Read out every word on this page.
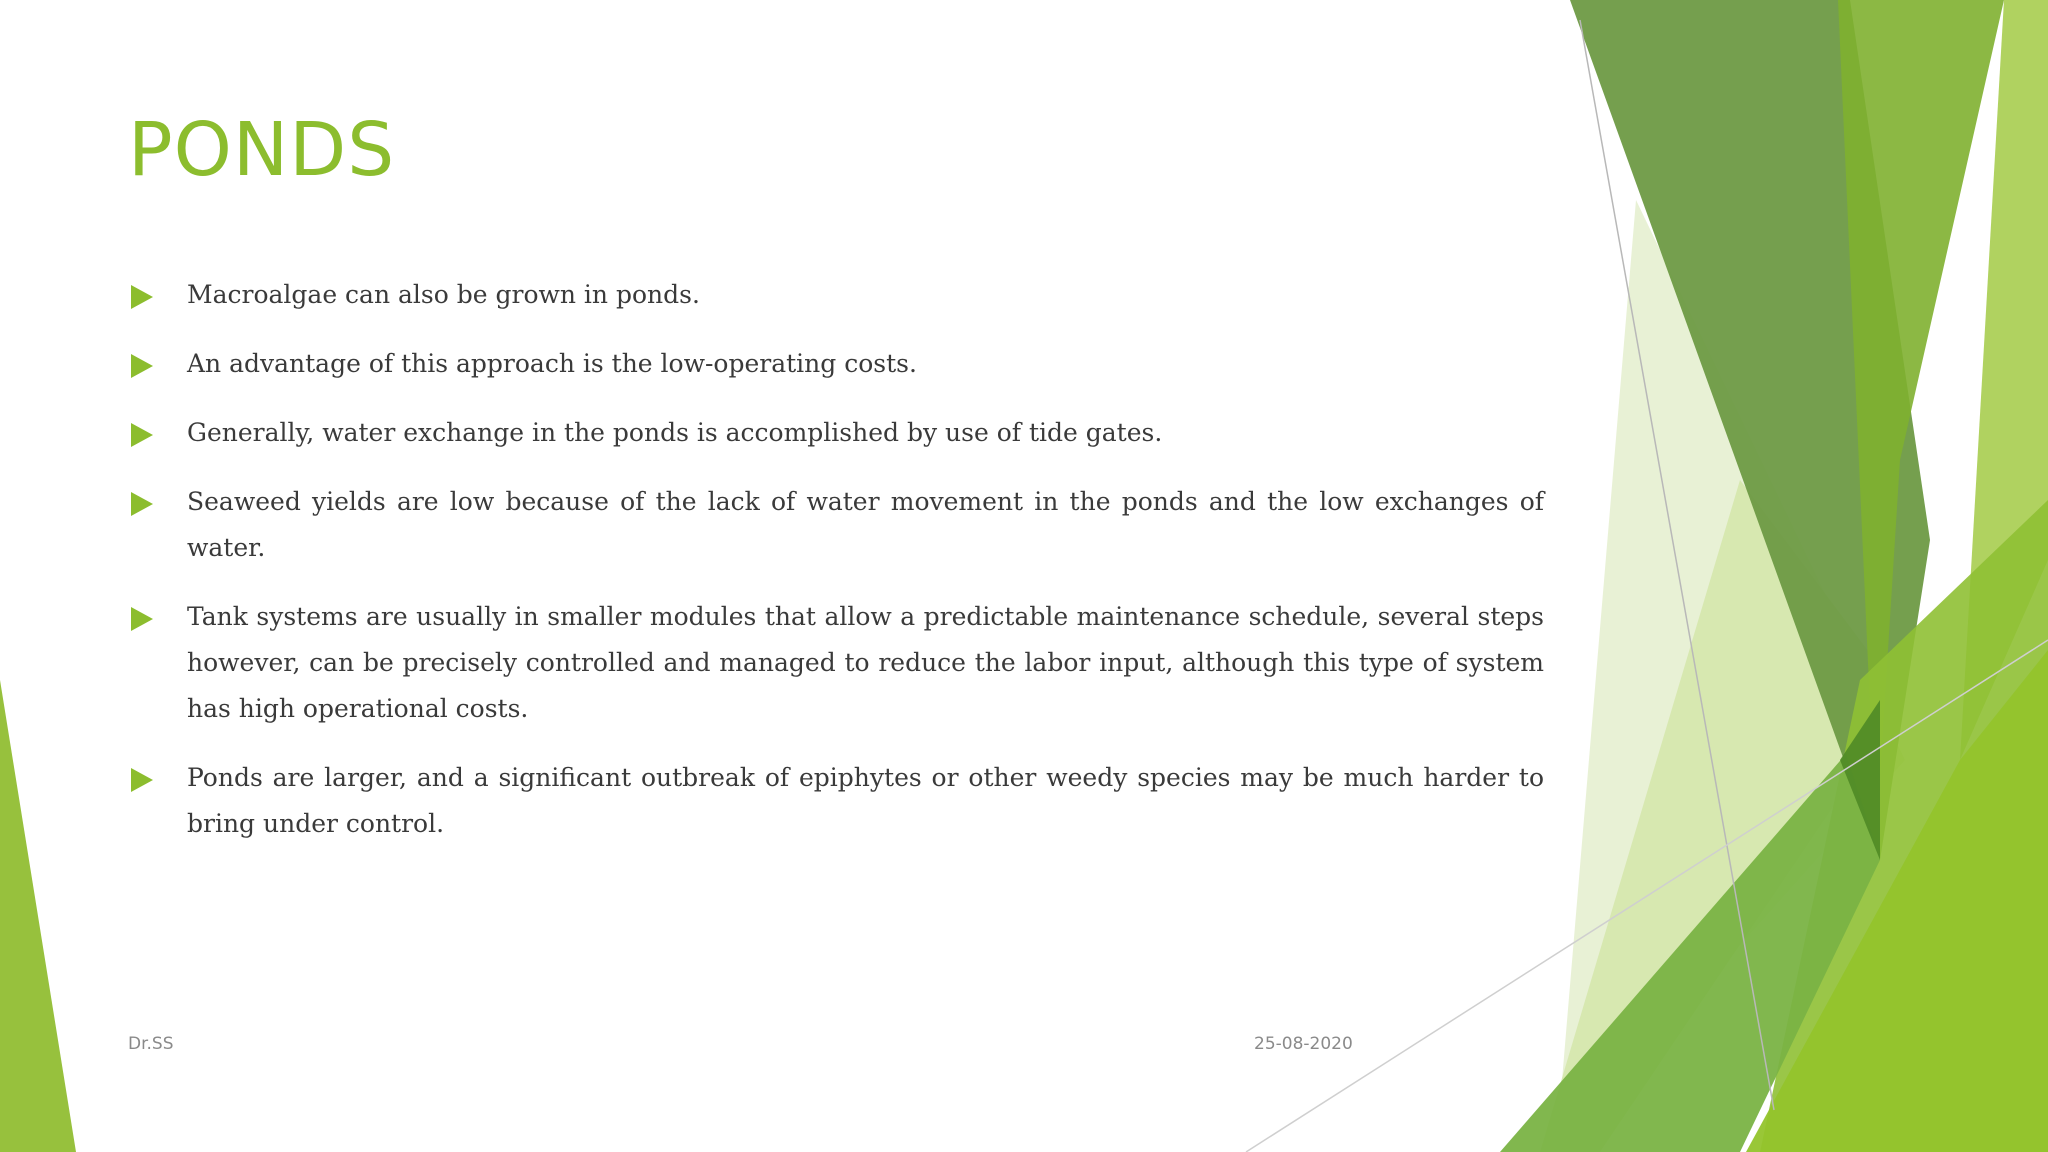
PONDS
Macroalgae can also be grown in ponds.
An advantage of this approach is the low-operating costs.
Generally, water exchange in the ponds is accomplished by use of tide gates.
Seaweed yields are low because of the lack of water movement in the ponds and the low exchanges of water.
Tank systems are usually in smaller modules that allow a predictable maintenance schedule, several steps however, can be precisely controlled and managed to reduce the labor input, although this type of system has high operational costs.
Ponds are larger, and a significant outbreak of epiphytes or other weedy species may be much harder to bring under control.

Dr.SS	25-08-2020
